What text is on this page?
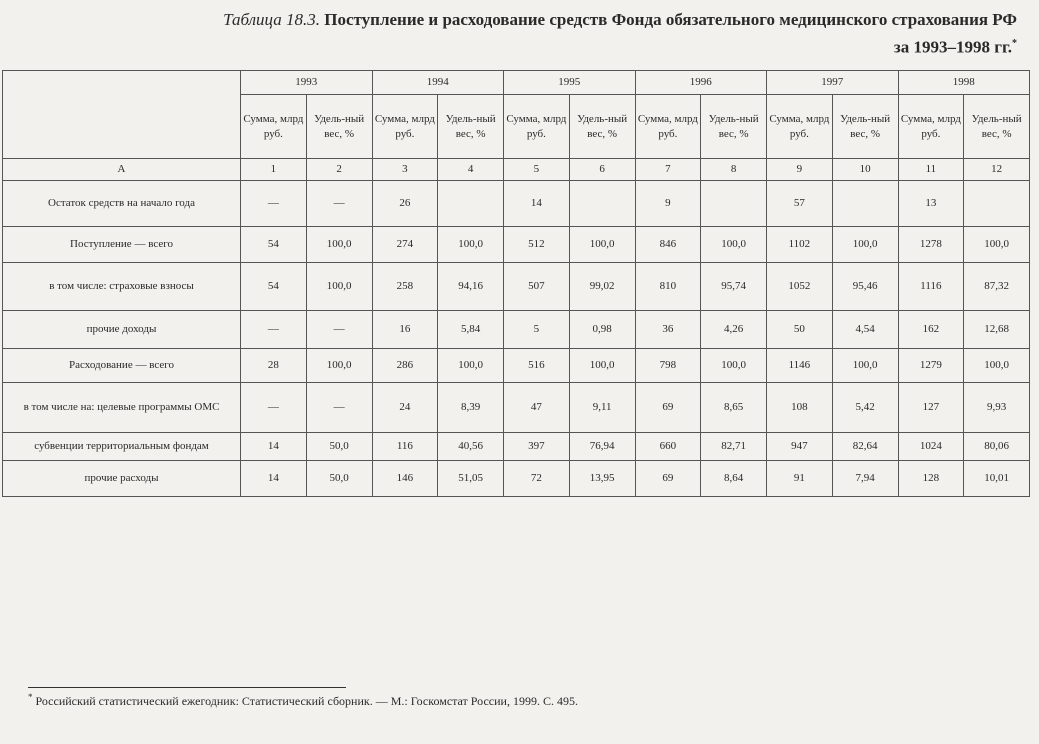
Таблица 18.3. Поступление и расходование средств Фонда обязательного медицинского страхования РФ
за 1993–1998 гг.*
	1993		1994		1995		1996		1997		1998	
	Сумма, млрд руб.	Удель-ный вес, %	Сумма, млрд руб.	Удель-ный вес, %	Сумма, млрд руб.	Удель-ный вес, %	Сумма, млрд руб.	Удель-ный вес, %	Сумма, млрд руб.	Удель-ный вес, %	Сумма, млрд руб.	Удель-ный вес, %
А	1	2	3	4	5	6	7	8	9	10	11	12
Остаток средств на начало года	—	—	26		14		9		57		13	
Поступление — всего	54	100,0	274	100,0	512	100,0	846	100,0	1102	100,0	1278	100,0
в том числе: страховые взносы	54	100,0	258	94,16	507	99,02	810	95,74	1052	95,46	1116	87,32
прочие доходы	—	—	16	5,84	5	0,98	36	4,26	50	4,54	162	12,68
Расходование — всего	28	100,0	286	100,0	516	100,0	798	100,0	1146	100,0	1279	100,0
в том числе на: целевые программы ОМС	—	—	24	8,39	47	9,11	69	8,65	108	5,42	127	9,93
субвенции территориальным фондам	14	50,0	116	40,56	397	76,94	660	82,71	947	82,64	1024	80,06
прочие расходы	14	50,0	146	51,05	72	13,95	69	8,64	91	7,94	128	10,01
* Российский статистический ежегодник: Статистический сборник. — М.: Госкомстат России, 1999. С. 495.
